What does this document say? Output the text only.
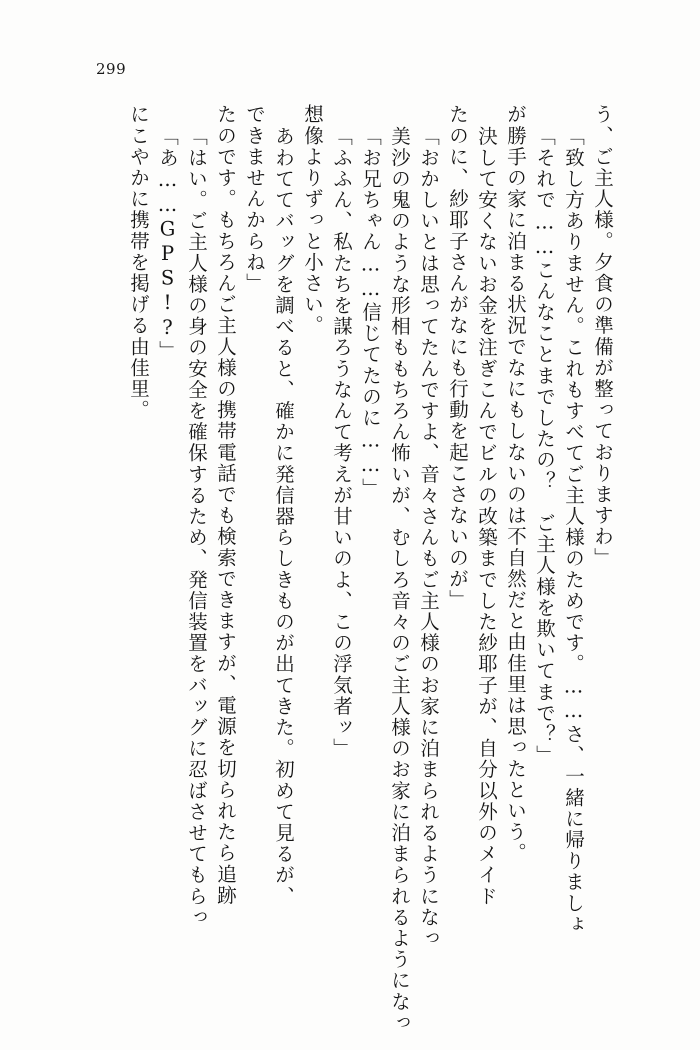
299
にこやかに携帯を掲げる由佳里。 「あ……GPS!?」 「はい。ご主人様の身の安全を確保するため、発信装置をバッグに忍ばさせてもらっ たのです。もちろんご主人様の携帯電話でも検索できますが、電源を切られたら追跡 できませんからね」 あわててバッグを調べると、確かに発信器らしきものが出てきた。初めて見るが、 想像よりずっと小さい。 「ふふん、私たちを謀ろうなんて考えが甘いのよ、この浮気者ッ」 「お兄ちゃん……信じてたのに……」 美沙の鬼のような形相ももちろん怖いが、むしろ音々のご主人様のお家に泊まられるようになっ 「おかしいとは思ってたんですよ、音々さんもご主人様のお家に泊まられるようになっ たのに、紗耶子さんがなにも行動を起こさないのが」 決して安くないお金を注ぎこんでビルの改築までした紗耶子が、自分以外のメイド が勝手の家に泊まる状況でなにもしないのは不自然だと由佳里は思ったという。 「それで……こんなことまでしたの？　ご主人様を欺いてまで？」 「致し方ありません。これもすべてご主人様のためです。……さ、一緒に帰りましょ う、ご主人様。夕食の準備が整っておりますわ」
